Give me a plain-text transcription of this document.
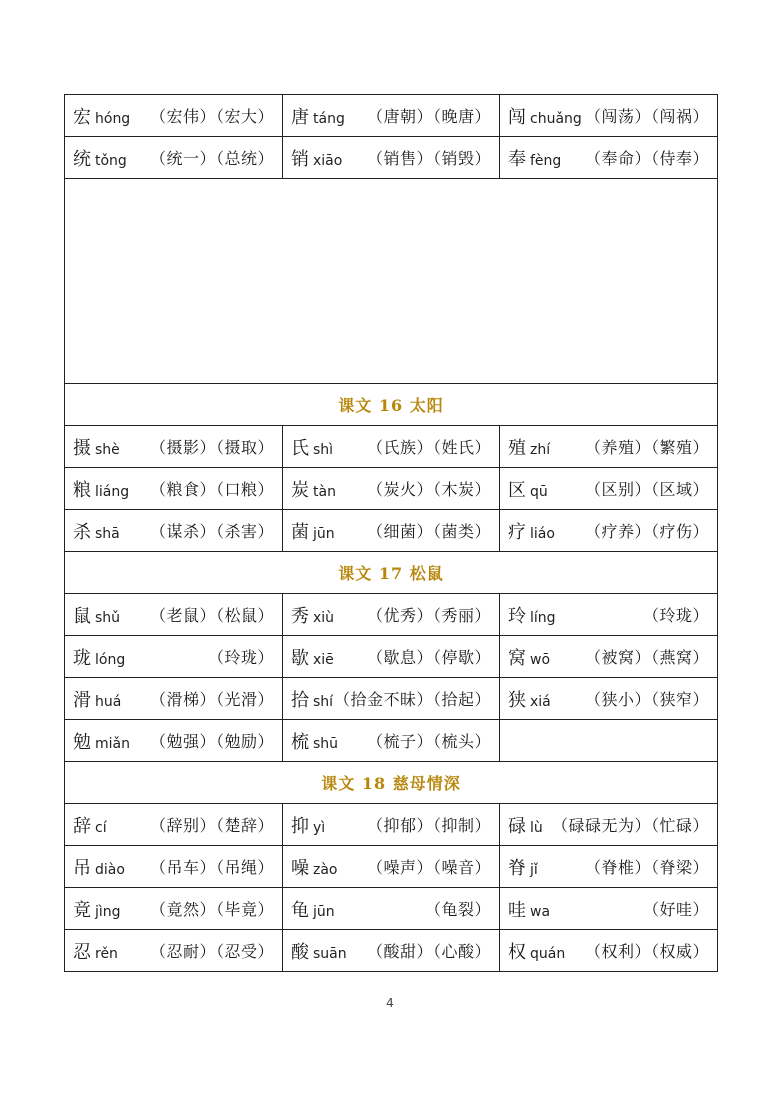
宏 hóng （宏伟）（宏大）	唐 táng （唐朝）（晚唐）	闯 chuǎng （闯荡）（闯祸）

统 tǒng （统一）（总统）	销 xiāo （销售）（销毁）	奉 fèng （奉命）（侍奉）

课文 16 太阳		

摄 shè （摄影）（摄取）	氏 shì （氏族）（姓氏）	殖 zhí （养殖）（繁殖）

粮 liáng （粮食）（口粮）	炭 tàn （炭火）（木炭）	区 qū （区别）（区域）

杀 shā （谋杀）（杀害）	菌 jūn （细菌）（菌类）	疗 liáo （疗养）（疗伤）

课文 17 松鼠		

鼠 shǔ （老鼠）（松鼠）	秀 xiù （优秀）（秀丽）	玲 líng （玲珑）

珑 lóng （玲珑）	歇 xiē （歇息）（停歇）	窝 wō （被窝）（燕窝）

滑 huá （滑梯）（光滑）	拾 shí （拾金不昧）（拾起）	狭 xiá （狭小）（狭窄）

勉 miǎn （勉强）（勉励）	梳 shū （梳子）（梳头）	

课文 18 慈母情深		

辞 cí （辞别）（楚辞）	抑 yì （抑郁）（抑制）	碌 lù （碌碌无为）（忙碌）

吊 diào （吊车）（吊绳）	噪 zào （噪声）（噪音）	脊 jǐ （脊椎）（脊梁）

竟 jìng （竟然）（毕竟）	龟 jūn （龟裂）	哇 wa （好哇）

忍 rěn （忍耐）（忍受）	酸 suān （酸甜）（心酸）	权 quán （权利）（权威）
4
